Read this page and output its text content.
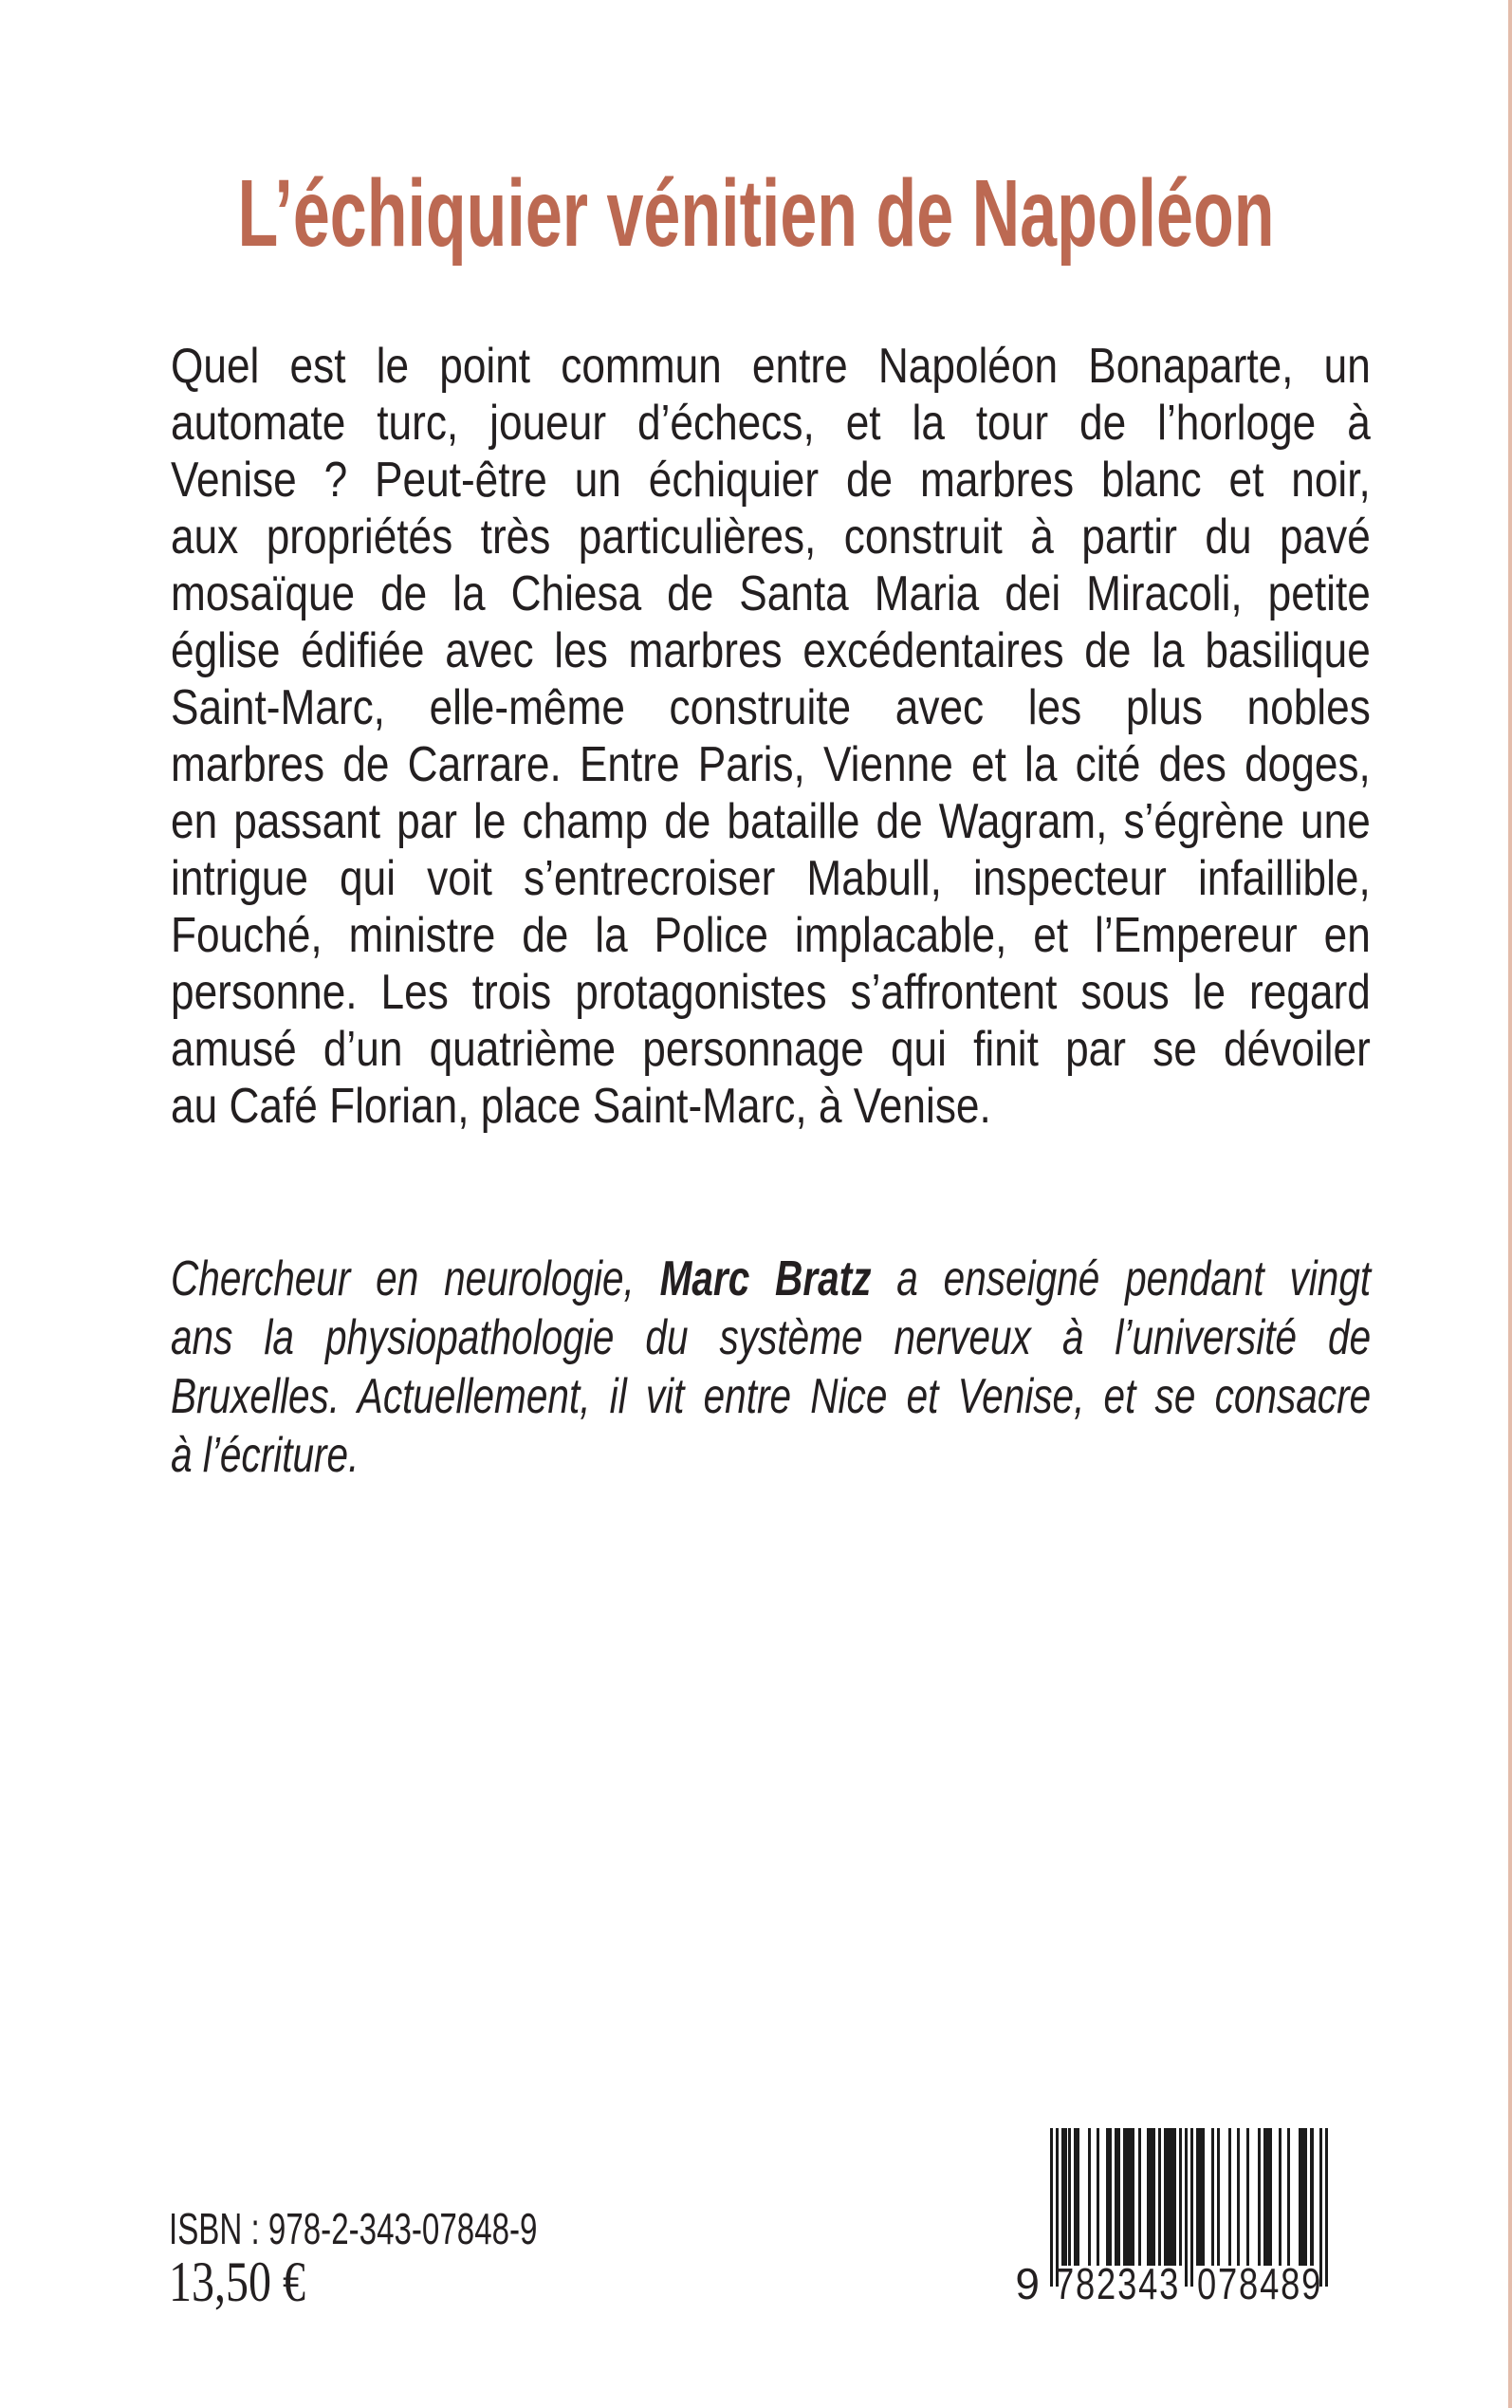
L’échiquier vénitien de Napoléon
Quel est le point commun entre Napoléon Bonaparte, un
automate turc, joueur d’échecs, et la tour de l’horloge à
Venise ? Peut-être un échiquier de marbres blanc et noir,
aux propriétés très particulières, construit à partir du pavé
mosaïque de la Chiesa de Santa Maria dei Miracoli, petite
église édifiée avec les marbres excédentaires de la basilique
Saint-Marc, elle-même construite avec les plus nobles
marbres de Carrare. Entre Paris, Vienne et la cité des doges,
en passant par le champ de bataille de Wagram, s’égrène une
intrigue qui voit s’entrecroiser Mabull, inspecteur infaillible,
Fouché, ministre de la Police implacable, et l’Empereur en
personne. Les trois protagonistes s’affrontent sous le regard
amusé d’un quatrième personnage qui finit par se dévoiler
au Café Florian, place Saint-Marc, à Venise.
Chercheur en neurologie, Marc Bratz a enseigné pendant vingt
ans la physiopathologie du système nerveux à l’université de
Bruxelles. Actuellement, il vit entre Nice et Venise, et se consacre
à l’écriture.
ISBN : 978-2-343-07848-9
13,50 €	9 7 8 2 3 4 3 0 7 8 4 8 9
